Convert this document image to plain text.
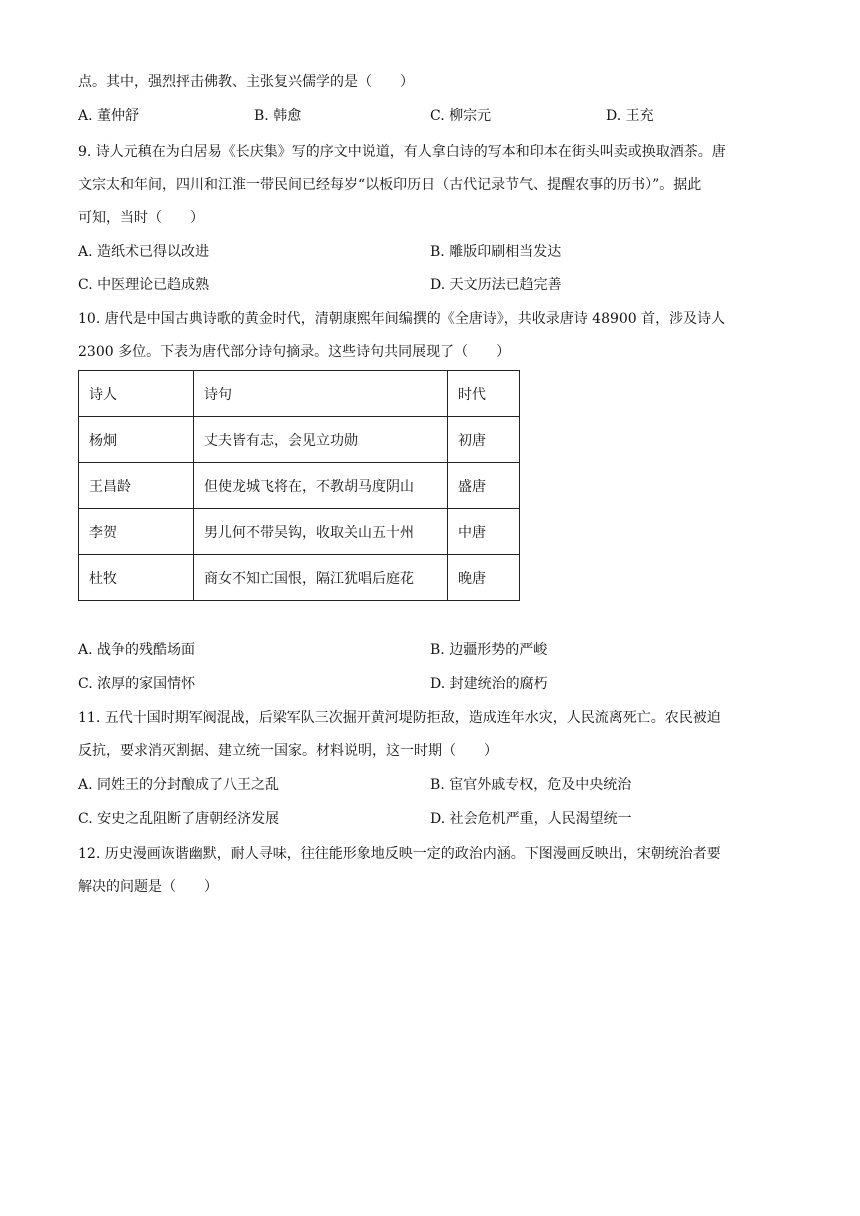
点。其中，强烈抨击佛教、主张复兴儒学的是（　　）
A. 董仲舒	B. 韩愈	C. 柳宗元	D. 王充
9. 诗人元稹在为白居易《长庆集》写的序文中说道，有人拿白诗的写本和印本在街头叫卖或换取酒茶。唐
文宗太和年间，四川和江淮一带民间已经每岁“以板印历日（古代记录节气、提醒农事的历书）”。据此
可知，当时（　　）
A. 造纸术已得以改进	B. 雕版印刷相当发达
C. 中医理论已趋成熟	D. 天文历法已趋完善
10. 唐代是中国古典诗歌的黄金时代，清朝康熙年间编撰的《全唐诗》，共收录唐诗 48900 首，涉及诗人
2300 多位。下表为唐代部分诗句摘录。这些诗句共同展现了（　　）
诗人	诗句	时代
杨炯	丈夫皆有志，会见立功勋	初唐
王昌龄	但使龙城飞将在，不教胡马度阴山	盛唐
李贺	男儿何不带吴钩，收取关山五十州	中唐
杜牧	商女不知亡国恨，隔江犹唱后庭花	晚唐
A. 战争的残酷场面	B. 边疆形势的严峻
C. 浓厚的家国情怀	D. 封建统治的腐朽
11. 五代十国时期军阀混战，后梁军队三次掘开黄河堤防拒敌，造成连年水灾，人民流离死亡。农民被迫
反抗，要求消灭割据、建立统一国家。材料说明，这一时期（　　）
A. 同姓王的分封酿成了八王之乱	B. 宦官外戚专权，危及中央统治
C. 安史之乱阻断了唐朝经济发展	D. 社会危机严重，人民渴望统一
12. 历史漫画诙谐幽默，耐人寻味，往往能形象地反映一定的政治内涵。下图漫画反映出，宋朝统治者要
解决的问题是（　　）
